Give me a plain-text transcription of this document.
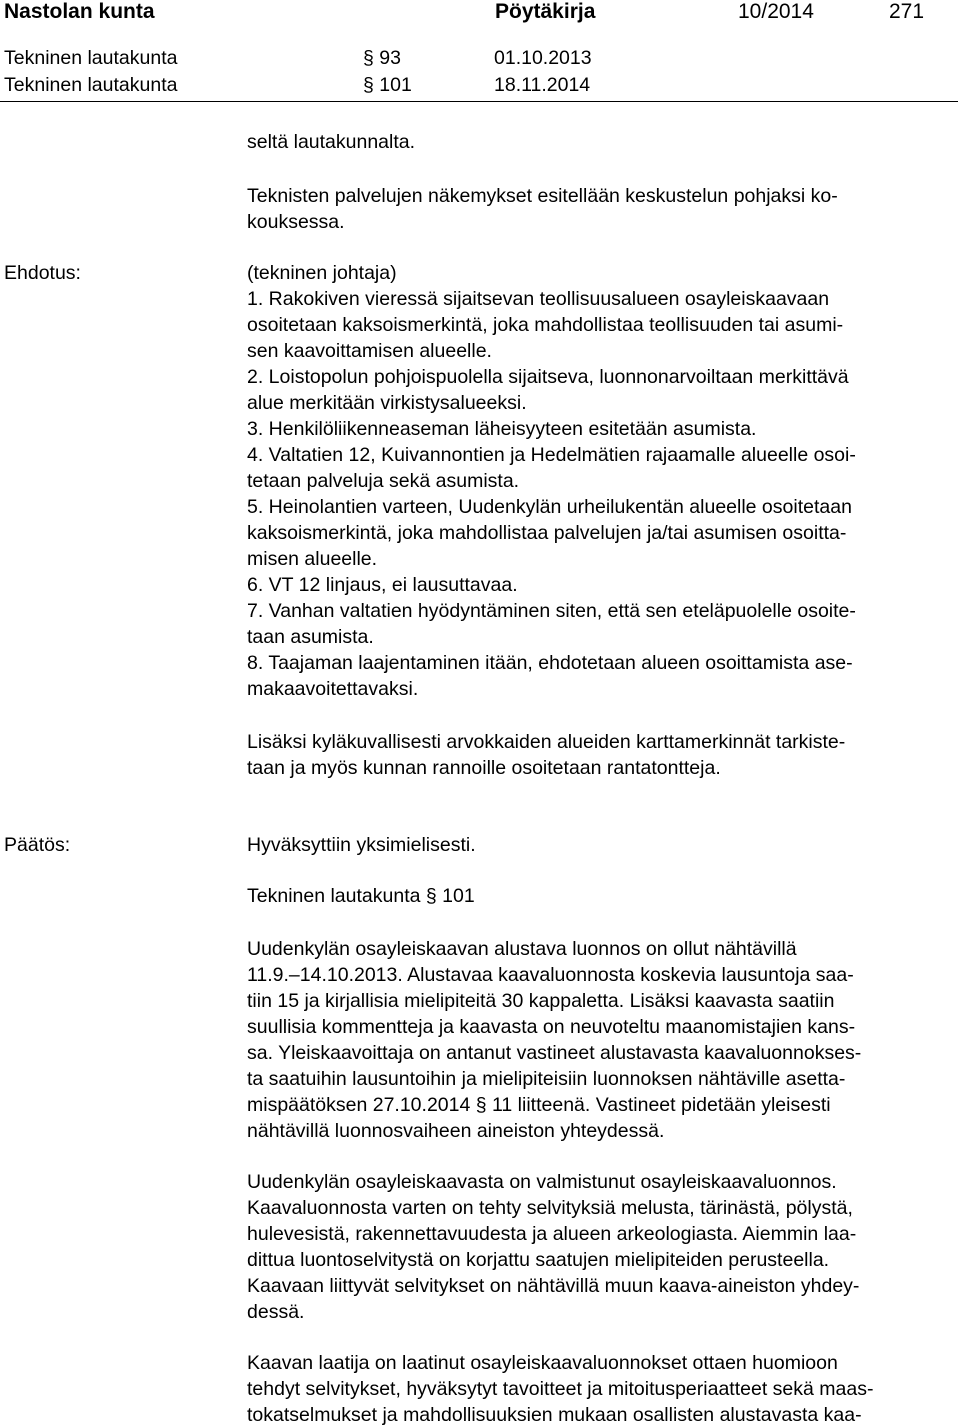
Nastolan kunta	Pöytäkirja	10/2014	271
Tekninen lautakunta	§ 93	01.10.2013
Tekninen lautakunta	§ 101	18.11.2014
seltä lautakunnalta.
Teknisten palvelujen näkemykset esitellään keskustelun pohjaksi ko-
kouksessa.
Ehdotus:	(tekninen johtaja)
1. Rakokiven vieressä sijaitsevan teollisuusalueen osayleiskaavaan
osoitetaan kaksoismerkintä, joka mahdollistaa teollisuuden tai asumi-
sen kaavoittamisen alueelle.
2. Loistopolun pohjoispuolella sijaitseva, luonnonarvoiltaan merkittävä
alue merkitään virkistysalueeksi.
3. Henkilöliikenneaseman läheisyyteen esitetään asumista.
4. Valtatien 12, Kuivannontien ja Hedelmätien rajaamalle alueelle osoi-
tetaan palveluja sekä asumista.
5. Heinolantien varteen, Uudenkylän urheilukentän alueelle osoitetaan
kaksoismerkintä, joka mahdollistaa palvelujen ja/tai asumisen osoitta-
misen alueelle.
6. VT 12 linjaus, ei lausuttavaa.
7. Vanhan valtatien hyödyntäminen siten, että sen eteläpuolelle osoite-
taan asumista.
8. Taajaman laajentaminen itään, ehdotetaan alueen osoittamista ase-
makaavoitettavaksi.
Lisäksi kyläkuvallisesti arvokkaiden alueiden karttamerkinnät tarkiste-
taan ja myös kunnan rannoille osoitetaan rantatontteja.
Päätös:	Hyväksyttiin yksimielisesti.
Tekninen lautakunta § 101
Uudenkylän osayleiskaavan alustava luonnos on ollut nähtävillä
11.9.–14.10.2013. Alustavaa kaavaluonnosta koskevia lausuntoja saa-
tiin 15 ja kirjallisia mielipiteitä 30 kappaletta. Lisäksi kaavasta saatiin
suullisia kommentteja ja kaavasta on neuvoteltu maanomistajien kans-
sa. Yleiskaavoittaja on antanut vastineet alustavasta kaavaluonnokses-
ta saatuihin lausuntoihin ja mielipiteisiin luonnoksen nähtäville asetta-
mispäätöksen 27.10.2014 § 11 liitteenä. Vastineet pidetään yleisesti
nähtävillä luonnosvaiheen aineiston yhteydessä.
Uudenkylän osayleiskaavasta on valmistunut osayleiskaavaluonnos.
Kaavaluonnosta varten on tehty selvityksiä melusta, tärinästä, pölystä,
hulevesistä, rakennettavuudesta ja alueen arkeologiasta. Aiemmin laa-
dittua luontoselvitystä on korjattu saatujen mielipiteiden perusteella.
Kaavaan liittyvät selvitykset on nähtävillä muun kaava-aineiston yhdey-
dessä.
Kaavan laatija on laatinut osayleiskaavaluonnokset ottaen huomioon
tehdyt selvitykset, hyväksytyt tavoitteet ja mitoitusperiaatteet sekä maas-
tokatselmukset ja mahdollisuuksien mukaan osallisten alustavasta kaa-
